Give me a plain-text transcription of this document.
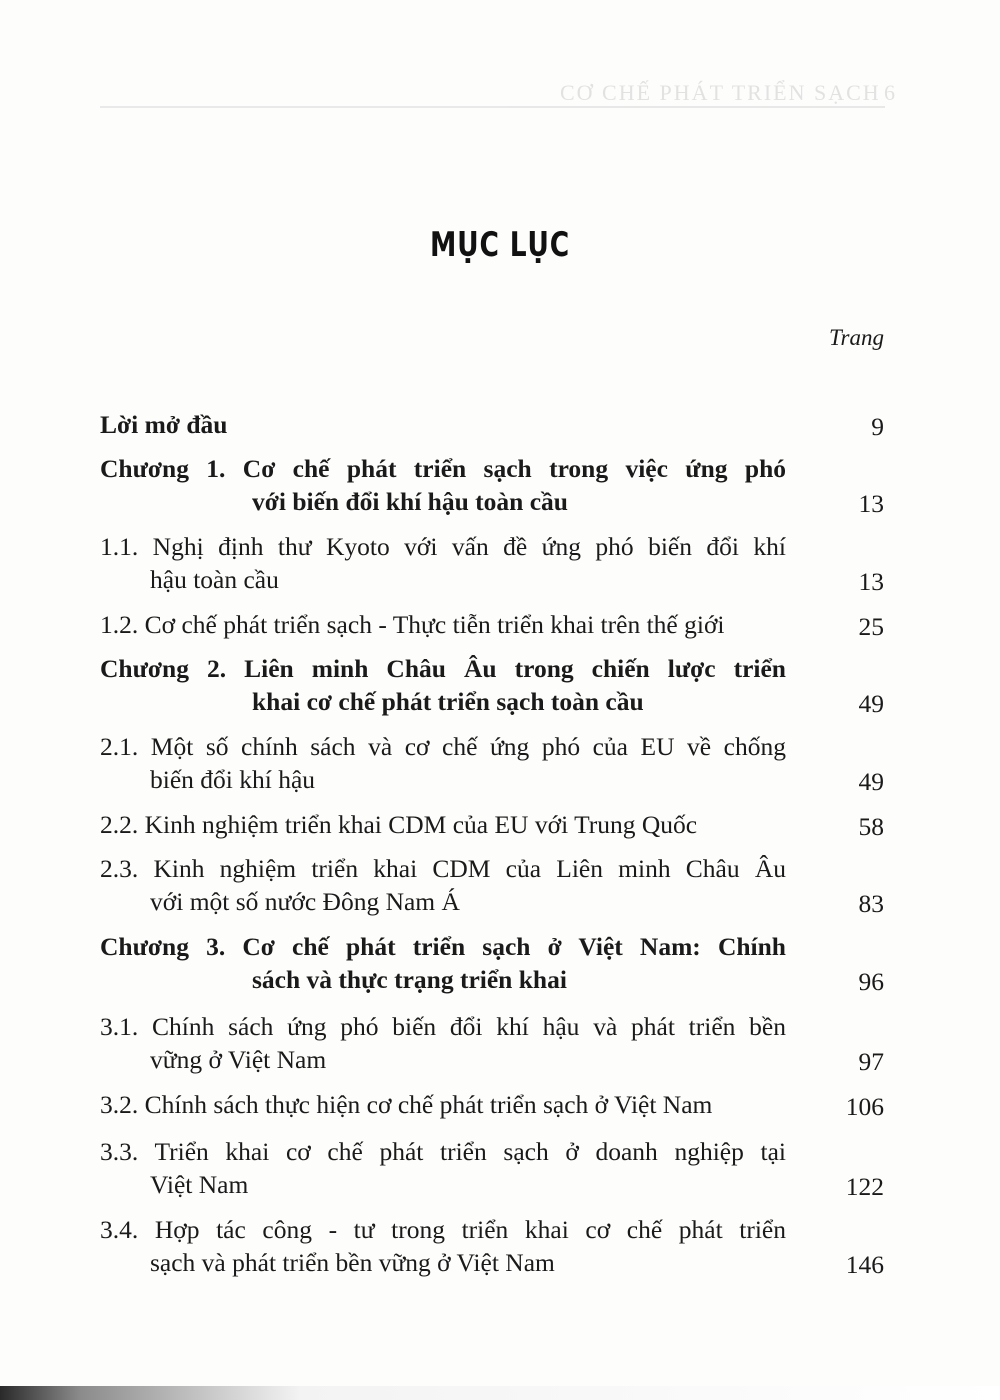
CƠ CHẾ PHÁT TRIỂN SẠCH 6
MỤC LỤC
Trang
Lời mở đầu	9
Chương 1. Cơ chế phát triển sạch trong việc ứng phó
với biến đổi khí hậu toàn cầu	13
1.1. Nghị định thư Kyoto với vấn đề ứng phó biến đổi khí
hậu toàn cầu	13
1.2. Cơ chế phát triển sạch - Thực tiễn triển khai trên thế giới	25
Chương 2. Liên minh Châu Âu trong chiến lược triển
khai cơ chế phát triển sạch toàn cầu	49
2.1. Một số chính sách và cơ chế ứng phó của EU về chống
biến đổi khí hậu	49
2.2. Kinh nghiệm triển khai CDM của EU với Trung Quốc	58
2.3. Kinh nghiệm triển khai CDM của Liên minh Châu Âu
với một số nước Đông Nam Á	83
Chương 3. Cơ chế phát triển sạch ở Việt Nam: Chính
sách và thực trạng triển khai	96
3.1. Chính sách ứng phó biến đổi khí hậu và phát triển bền
vững ở Việt Nam	97
3.2. Chính sách thực hiện cơ chế phát triển sạch ở Việt Nam	106
3.3. Triển khai cơ chế phát triển sạch ở doanh nghiệp tại
Việt Nam	122
3.4. Hợp tác công - tư trong triển khai cơ chế phát triển
sạch và phát triển bền vững ở Việt Nam	146
